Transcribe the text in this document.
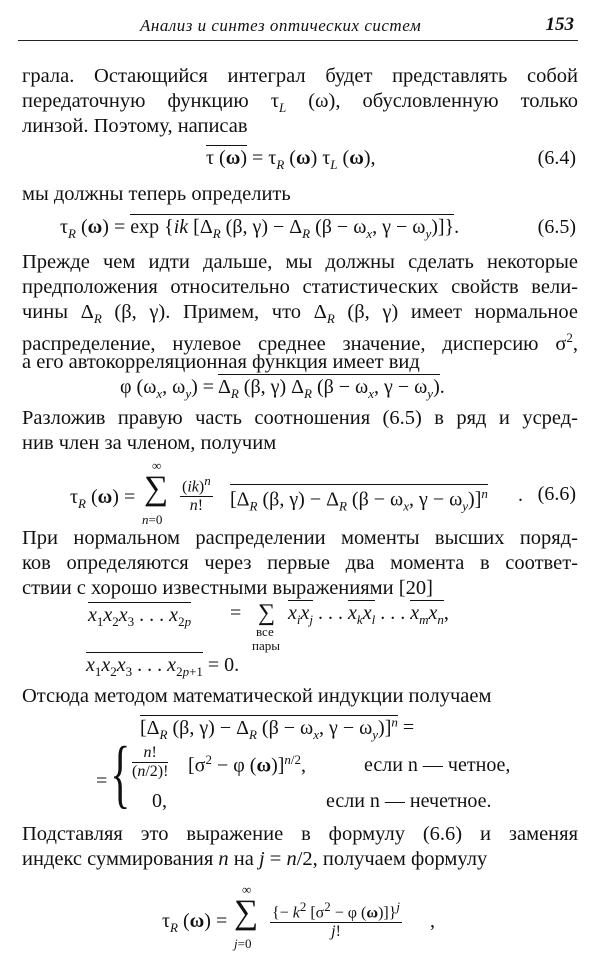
Анализ и синтез оптических систем	153
грала. Остающийся интеграл будет представлять собой
передаточную функцию $\tau_L$ (ω), обусловленную только
линзой. Поэтому, написав
τ $(\omega) = \tau_R$ (ω) $\tau_L$ (ω),	(6.4)
мы должны теперь определить
$\tau_R$ (ω) = exp {ik [$\Delta_R$ (β, $\gamma) - \Delta_R$ ($\beta - \omega_x$, $\gamma - \omega_y$)]}.	(6.5)
Прежде чем идти дальше, мы должны сделать некоторые
предположения относительно статистических свойств вели-
чины $\Delta_R$ (β, γ). Примем, что $\Delta_R$ (β, γ) имеет нормальное
распределение, нулевое среднее значение, дисперсию $\sigma^2$,
а его автокорреляционная функция имеет вид
φ ($\omega_x$, $\omega_y) = \Delta_R$ (β, γ) $\Delta_R$ ($\beta - \omega_x$, $\gamma - \omega_y$).
Разложив правую часть соотношения (6.5) в ряд и усред-
нив член за членом, получим
$\tau_R$ (ω) =
∞
∑
n=0
$\frac{(ik)^n}{n!} [\Delta_R$ (β, $\gamma) - \Delta_R$ ($\beta - \omega_x$, $\gamma - \omega_y)]^n$ . (6.6)
При нормальном распределении моменты высших поряд-
ков определяются через первые два момента в соответ-
ствии с хорошо известными выражениями [20]
$x_1x_2x_3$ . . . $x_{2p}$ = ∑
все
пары
$x_ix_j$ . . . $x_kx_l$ . . . $x_mx_n$,
$x_1x_2x_3$ . . . $x_{2p+1} = 0$.
Отсюда методом математической индукции получаем
[$\Delta_R$ (β, $\gamma) - \Delta_R$ ($\beta - \omega_x$, $\gamma - \omega_y)]^n$ =
= { $\frac{n!}{(n/2)!} [\sigma^2 - \varphi$ (ω)]$^{n/2}$,	если n — четное,
0,	если n — нечетное.
Подставляя это выражение в формулу (6.6) и заменяя
индекс суммирования n на j = n/2, получаем формулу
$\tau_R$ (ω) =
∞
∑
j=0
$\frac{\{- k^2 [\sigma^2 - \varphi (\omega)]\}^j}{j!}$ ,
